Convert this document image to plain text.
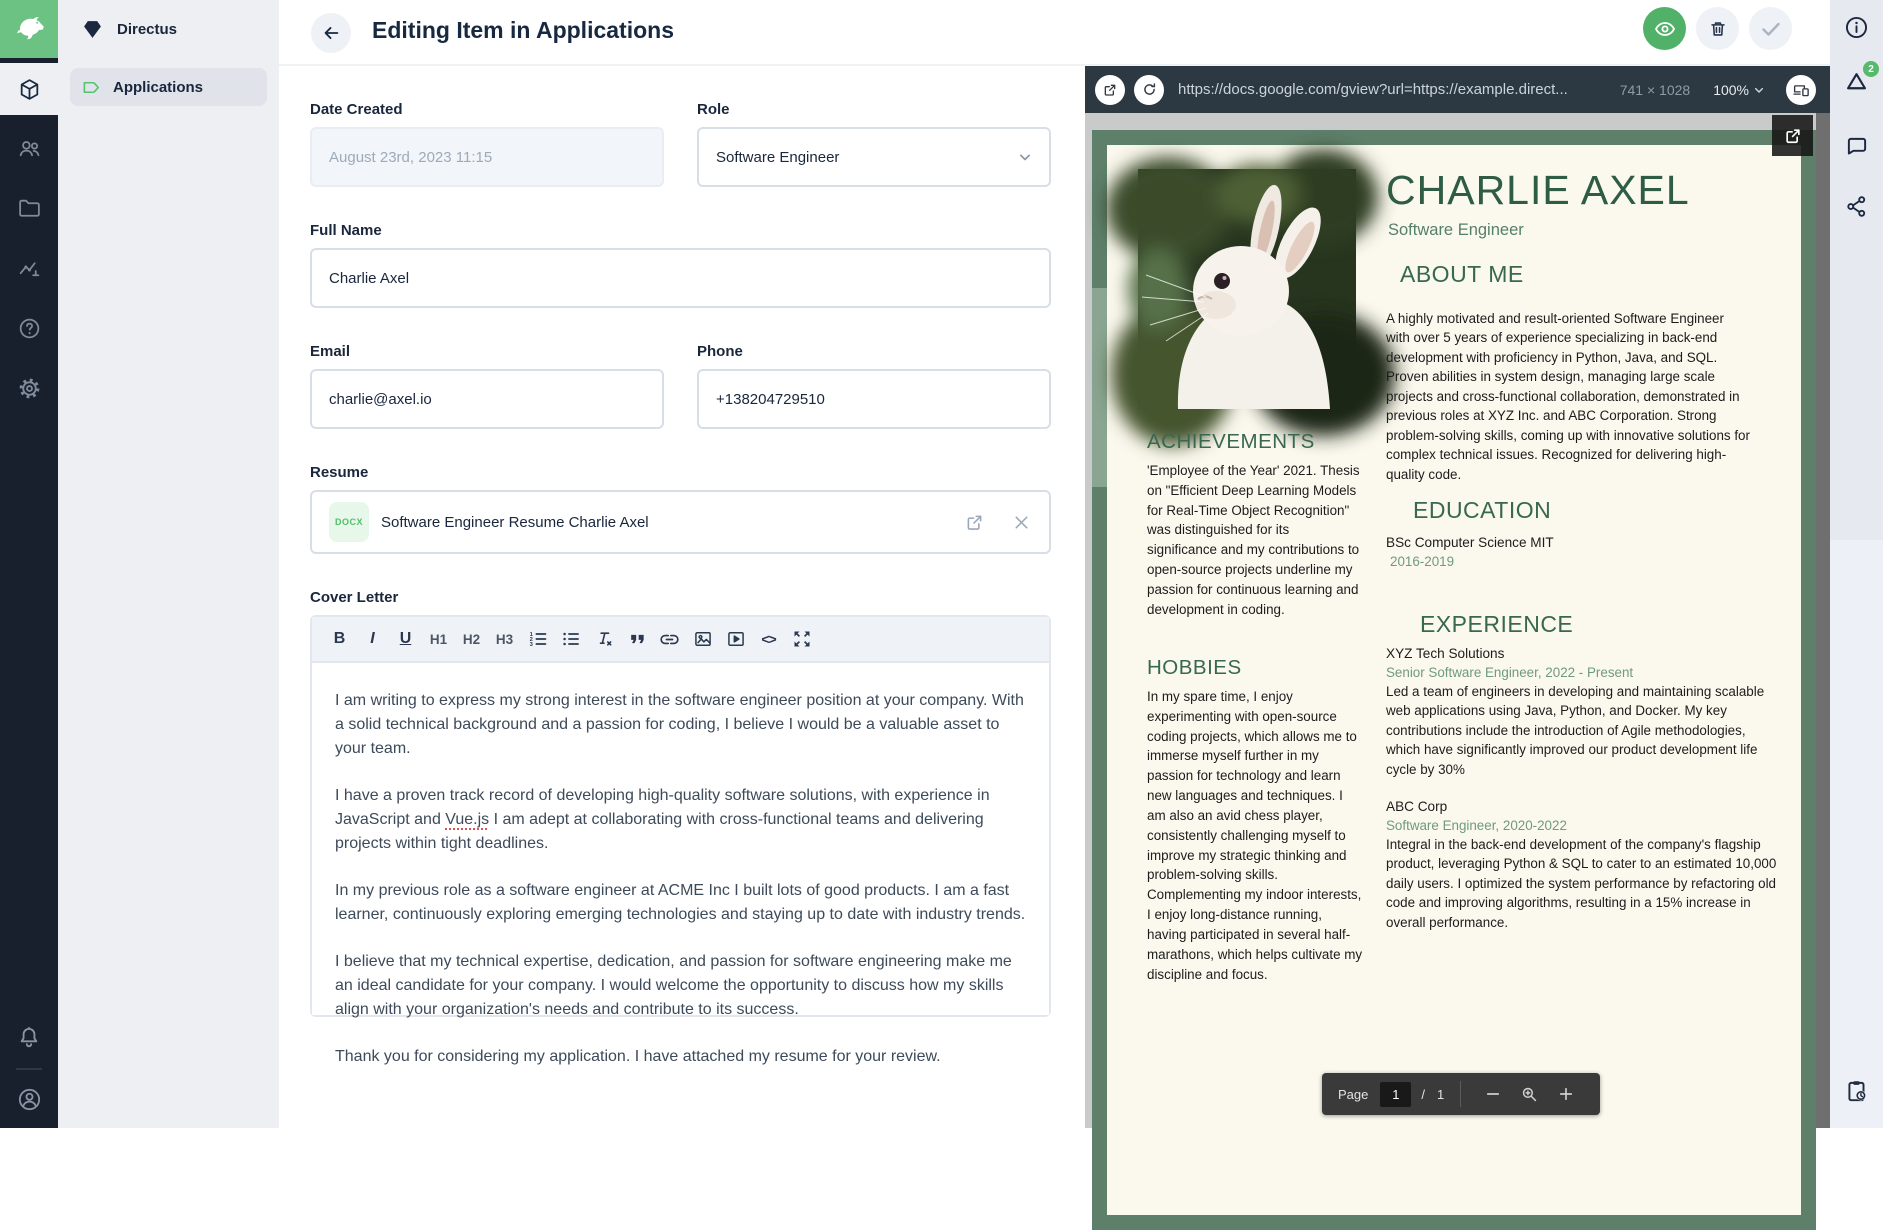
Directus
Applications
Editing Item in Applications
Date Created
August 23rd, 2023 11:15
Role
Software Engineer
Full Name
Charlie Axel
Email
charlie@axel.io
Phone
+138204729510
Resume
DOCX	Software Engineer Resume Charlie Axel
Cover Letter
B	I	U	H1	H2	H3	1
2
3	<>

I am writing to express my strong interest in the software engineer position at your company. With a solid technical background and a passion for coding, I believe I would be a valuable asset to your team.

I have a proven track record of developing high-quality software solutions, with experience in JavaScript and Vue.js I am adept at collaborating with cross-functional teams and delivering projects within tight deadlines.

In my previous role as a software engineer at ACME Inc I built lots of good products. I am a fast learner, continuously exploring emerging technologies and staying up to date with industry trends.

I believe that my technical expertise, dedication, and passion for software engineering make me an ideal candidate for your company. I would welcome the opportunity to discuss how my skills align with your organization's needs and contribute to its success.

Thank you for considering my application. I have attached my resume for your review.

https://docs.google.com/gview?url=https://example.direct...	741 × 1028 100%
CHARLIE AXEL
Software Engineer
ABOUT ME
A highly motivated and result-oriented Software Engineer with over 5 years of experience specializing in back-end development with proficiency in Python, Java, and SQL. Proven abilities in system design, managing large scale projects and cross-functional collaboration, demonstrated in previous roles at XYZ Inc. and ABC Corporation. Strong problem-solving skills, coming up with innovative solutions for complex technical issues. Recognized for delivering high-quality code.
ACHIEVEMENTS
'Employee of the Year' 2021. Thesis on "Efficient Deep Learning Models for Real-Time Object Recognition" was distinguished for its significance and my contributions to open-source projects underline my passion for continuous learning and development in coding.
HOBBIES
In my spare time, I enjoy experimenting with open-source coding projects, which allows me to immerse myself further in my passion for technology and learn new languages and techniques. I am also an avid chess player, consistently challenging myself to improve my strategic thinking and problem-solving skills. Complementing my indoor interests, I enjoy long-distance running, having participated in several half-marathons, which helps cultivate my discipline and focus.
EDUCATION
BSc Computer Science MIT
2016-2019
EXPERIENCE
XYZ Tech Solutions
Senior Software Engineer, 2022 - Present
Led a team of engineers in developing and maintaining scalable web applications using Java, Python, and Docker. My key contributions include the introduction of Agile methodologies, which have significantly improved our product development life cycle by 30%
ABC Corp
Software Engineer, 2020-2022
Integral in the back-end development of the company's flagship product, leveraging Python & SQL to cater to an estimated 10,000 daily users. I optimized the system performance by refactoring old code and improving algorithms, resulting in a 15% increase in overall performance.
Page	1	/ 1
2
